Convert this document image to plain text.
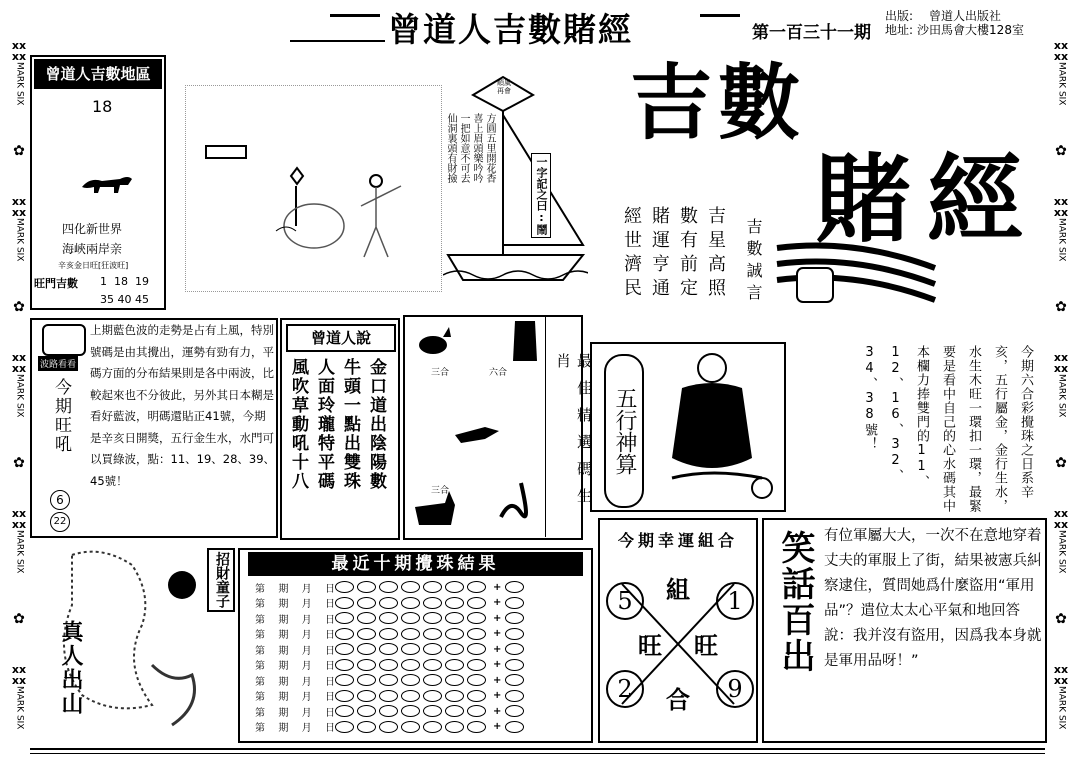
曾道人吉數賭經	第一百三十一期
出版: 曾道人出版社
地址: 沙田馬會大樓128室
xx
xx
MARK SIX
✿
xx
xx
MARK SIX
✿
xx
xx
MARK SIX
✿
xx
xx
MARK SIX
✿
xx
xx
MARK SIX
xx
xx
MARK SIX
✿
xx
xx
MARK SIX
✿
xx
xx
MARK SIX
✿
xx
xx
MARK SIX
✿
xx
xx
MARK SIX
曾道人吉數地區
18
四化新世界
海峽兩岸亲
辛亥金日旺[狂波旺]
旺門吉數 1  18  19
35 40 45
順風 再會
一字記之曰:鬧
方圓五里開花香
喜上眉頭樂吟吟
一把如意不可去
仙洞裏頭有財撿 吉數
賭經
吉星高照
數有前定
賭運亨通
經世濟民	吉數誠言
波路看看
今期旺吼
上期藍色波的走勢是占有上風，特別號碼是由其攪出，運勢有勁有力，平碼方面的分布結果則是各中兩波，比較起來也不分彼此，另外其日本糊是看好藍波，明碼還貼正41號，今期是辛亥日開獎，五行金生水，水門可以買綠波，點：11、19、28、39、45號！
6
22
曾道人說
金口道出陰陽數
牛頭一點出雙珠
人面玲瓏特平碼
風吹草動吼十八	三合	六合
三合	最佳精選碼生肖
五行神算	今期六合彩攪珠之日系辛亥，五行屬金，金行生水，水生木旺一環扣一環，最緊要是看中自己的心水碼其中本欄力捧雙門的11、12、16、32、34、38號！
真人出山
招財童子	最近十期攪珠結果
第 期 月 日	+
第 期 月 日	+
第 期 月 日	+
第 期 月 日	+
第 期 月 日	+
第 期 月 日	+
第 期 月 日	+
第 期 月 日	+
第 期 月 日	+
第 期 月 日	+
今期幸運組合
5	1
2	9
組
旺 旺
合
笑話百出 有位軍屬大大，一次不在意地穿着丈夫的軍服上了街，結果被憲兵糾察逮住，質問她爲什麼盜用“軍用品”？遣位太太心平氣和地回答說：我并沒有盜用，因爲我本身就是軍用品呀！”
